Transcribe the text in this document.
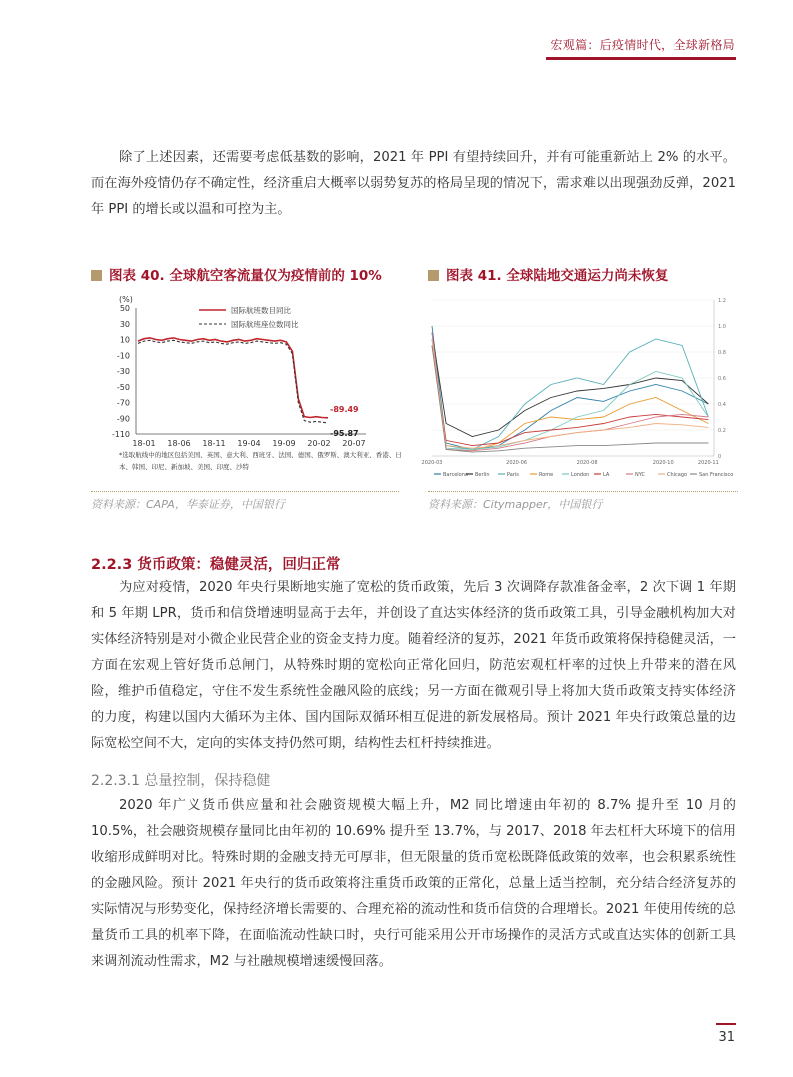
宏观篇：后疫情时代，全球新格局

除了上述因素，还需要考虑低基数的影响，2021 年 PPI 有望持续回升，并有可能重新站上 2% 的水平。而在海外疫情仍存不确定性，经济重启大概率以弱势复苏的格局呈现的情况下，需求难以出现强劲反弹，2021 年 PPI 的增长或以温和可控为主。

图表 40. 全球航空客流量仅为疫情前的 10%	图表 41. 全球陆地交通运力尚未恢复
(%)
50
30
10
-10
-30
-50
-70
-90
-110
18-01 18-06 18-11 19-04 19-09 20-02 20-07
-89.49
国际航班数目同比
-95.87
国际航班座位数同比
*选取航线中的地区包括美国、英国、意大利、西班牙、法国、德国、俄罗斯、澳大利亚、香港、日
本、韩国、印尼、新加坡、美国、印度、沙特
1.2
1.0
0.8
0.6
0.4
0.2
0
2020-03	2020-06	2020-08	2020-10	2020-11
Barcelona Berlin	Paris	Rome	London	LA	NYC	Chicago San Francisco
资料来源：CAPA，华泰证券，中国银行	资料来源：Citymapper，中国银行
2.2.3 货币政策：稳健灵活，回归正常

为应对疫情，2020 年央行果断地实施了宽松的货币政策，先后 3 次调降存款准备金率，2 次下调 1 年期和 5 年期 LPR，货币和信贷增速明显高于去年，并创设了直达实体经济的货币政策工具，引导金融机构加大对实体经济特别是对小微企业民营企业的资金支持力度。随着经济的复苏，2021 年货币政策将保持稳健灵活，一方面在宏观上管好货币总闸门，从特殊时期的宽松向正常化回归，防范宏观杠杆率的过快上升带来的潜在风险，维护币值稳定，守住不发生系统性金融风险的底线；另一方面在微观引导上将加大货币政策支持实体经济的力度，构建以国内大循环为主体、国内国际双循环相互促进的新发展格局。预计 2021 年央行政策总量的边际宽松空间不大，定向的实体支持仍然可期，结构性去杠杆持续推进。

2.2.3.1 总量控制，保持稳健

2020 年广义货币供应量和社会融资规模大幅上升，M2 同比增速由年初的 8.7% 提升至 10 月的 10.5%，社会融资规模存量同比由年初的 10.69% 提升至 13.7%，与 2017、2018 年去杠杆大环境下的信用收缩形成鲜明对比。特殊时期的金融支持无可厚非，但无限量的货币宽松既降低政策的效率，也会积累系统性的金融风险。预计 2021 年央行的货币政策将注重货币政策的正常化，总量上适当控制，充分结合经济复苏的实际情况与形势变化，保持经济增长需要的、合理充裕的流动性和货币信贷的合理增长。2021 年使用传统的总量货币工具的机率下降，在面临流动性缺口时，央行可能采用公开市场操作的灵活方式或直达实体的创新工具来调剂流动性需求，M2 与社融规模增速缓慢回落。

31
